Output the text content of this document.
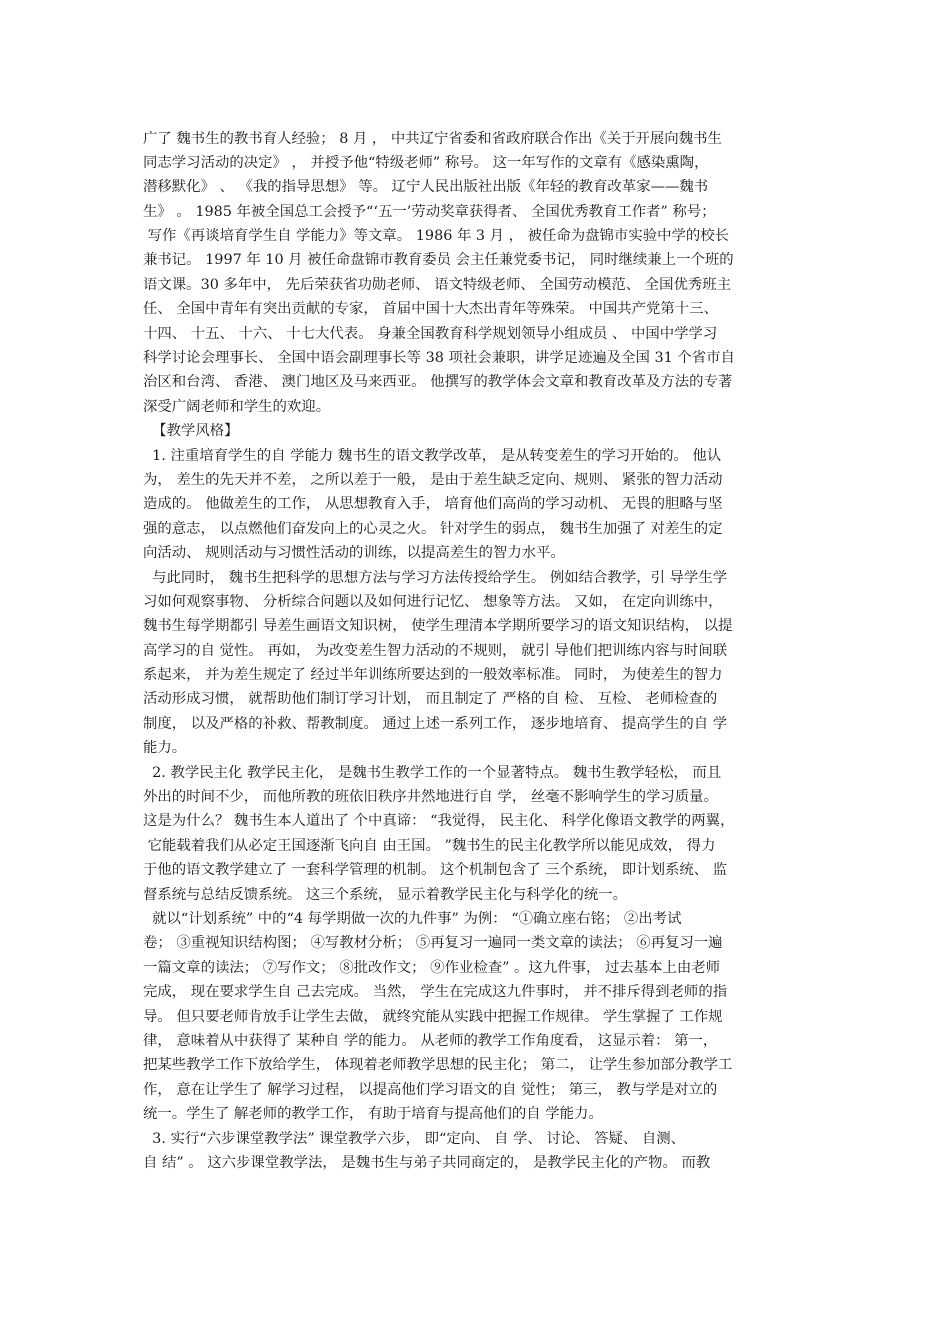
广了 魏书生的教书育人经验； 8 月 ， 中共辽宁省委和省政府联合作出《关于开展向魏书生
同志学习活动的决定》 ， 并授予他“特级老师” 称号。 这一年写作的文章有《感染熏陶，
潜移默化》 、 《我的指导思想》 等。 辽宁人民出版社出版《年轻的教育改革家——魏书
生》 。 1985 年被全国总工会授予“‘五一’劳动奖章获得者、 全国优秀教育工作者” 称号；
写作《再谈培育学生自 学能力》等文章。 1986 年 3 月 ， 被任命为盘锦市实验中学的校长
兼书记。 1997 年 10 月 被任命盘锦市教育委员 会主任兼党委书记， 同时继续兼上一个班的
语文课。30 多年中， 先后荣获省功勋老师、 语文特级老师、 全国劳动模范、 全国优秀班主
任、 全国中青年有突出贡献的专家， 首届中国十大杰出青年等殊荣。 中国共产党第十三、
十四、 十五、 十六、 十七大代表。 身兼全国教育科学规划领导小组成员 、 中国中学学习
科学讨论会理事长、 全国中语会副理事长等 38 项社会兼职，讲学足迹遍及全国 31 个省市自
治区和台湾、 香港、 澳门地区及马来西亚。 他撰写的教学体会文章和教育改革及方法的专著
深受广阔老师和学生的欢迎。
【教学风格】
1. 注重培育学生的自 学能力 魏书生的语文教学改革， 是从转变差生的学习开始的。 他认
为， 差生的先天并不差， 之所以差于一般， 是由于差生缺乏定向、规则、 紧张的智力活动
造成的。 他做差生的工作， 从思想教育入手， 培育他们高尚的学习动机、 无畏的胆略与坚
强的意志， 以点燃他们奋发向上的心灵之火。 针对学生的弱点， 魏书生加强了 对差生的定
向活动、 规则活动与习惯性活动的训练，以提高差生的智力水平。
与此同时， 魏书生把科学的思想方法与学习方法传授给学生。 例如结合教学，引 导学生学
习如何观察事物、 分析综合问题以及如何进行记忆、 想象等方法。 又如， 在定向训练中，
魏书生每学期都引 导差生画语文知识树， 使学生理清本学期所要学习的语文知识结构， 以提
高学习的自 觉性。 再如， 为改变差生智力活动的不规则， 就引 导他们把训练内容与时间联
系起来， 并为差生规定了 经过半年训练所要达到的一般效率标准。 同时， 为使差生的智力
活动形成习惯， 就帮助他们制订学习计划， 而且制定了 严格的自 检、 互检、 老师检查的
制度， 以及严格的补救、帮教制度。 通过上述一系列工作， 逐步地培育、 提高学生的自 学
能力。
2. 教学民主化 教学民主化， 是魏书生教学工作的一个显著特点。 魏书生教学轻松， 而且
外出的时间不少， 而他所教的班依旧秩序井然地进行自 学， 丝毫不影响学生的学习质量。
这是为什么？ 魏书生本人道出了 个中真谛： “我觉得， 民主化、 科学化像语文教学的两翼，
它能载着我们从必定王国逐渐飞向自 由王国。 ”魏书生的民主化教学所以能见成效， 得力
于他的语文教学建立了 一套科学管理的机制。 这个机制包含了 三个系统， 即计划系统、 监
督系统与总结反馈系统。 这三个系统， 显示着教学民主化与科学化的统一。
就以“计划系统” 中的“4 每学期做一次的九件事” 为例： “①确立座右铭； ②出考试
卷； ③重视知识结构图； ④写教材分析； ⑤再复习一遍同一类文章的读法； ⑥再复习一遍
一篇文章的读法； ⑦写作文； ⑧批改作文； ⑨作业检查” 。这九件事， 过去基本上由老师
完成， 现在要求学生自 己去完成。 当然， 学生在完成这九件事时， 并不排斥得到老师的指
导。 但只要老师肯放手让学生去做， 就终究能从实践中把握工作规律。 学生掌握了 工作规
律， 意味着从中获得了 某种自 学的能力。 从老师的教学工作角度看， 这显示着： 第一，
把某些教学工作下放给学生， 体现着老师教学思想的民主化； 第二， 让学生参加部分教学工
作， 意在让学生了 解学习过程， 以提高他们学习语文的自 觉性； 第三， 教与学是对立的
统一。学生了 解老师的教学工作， 有助于培育与提高他们的自 学能力。
3. 实行“六步课堂教学法” 课堂教学六步， 即“定向、 自 学、 讨论、 答疑、 自测、
自 结” 。 这六步课堂教学法， 是魏书生与弟子共同商定的， 是教学民主化的产物。 而教
